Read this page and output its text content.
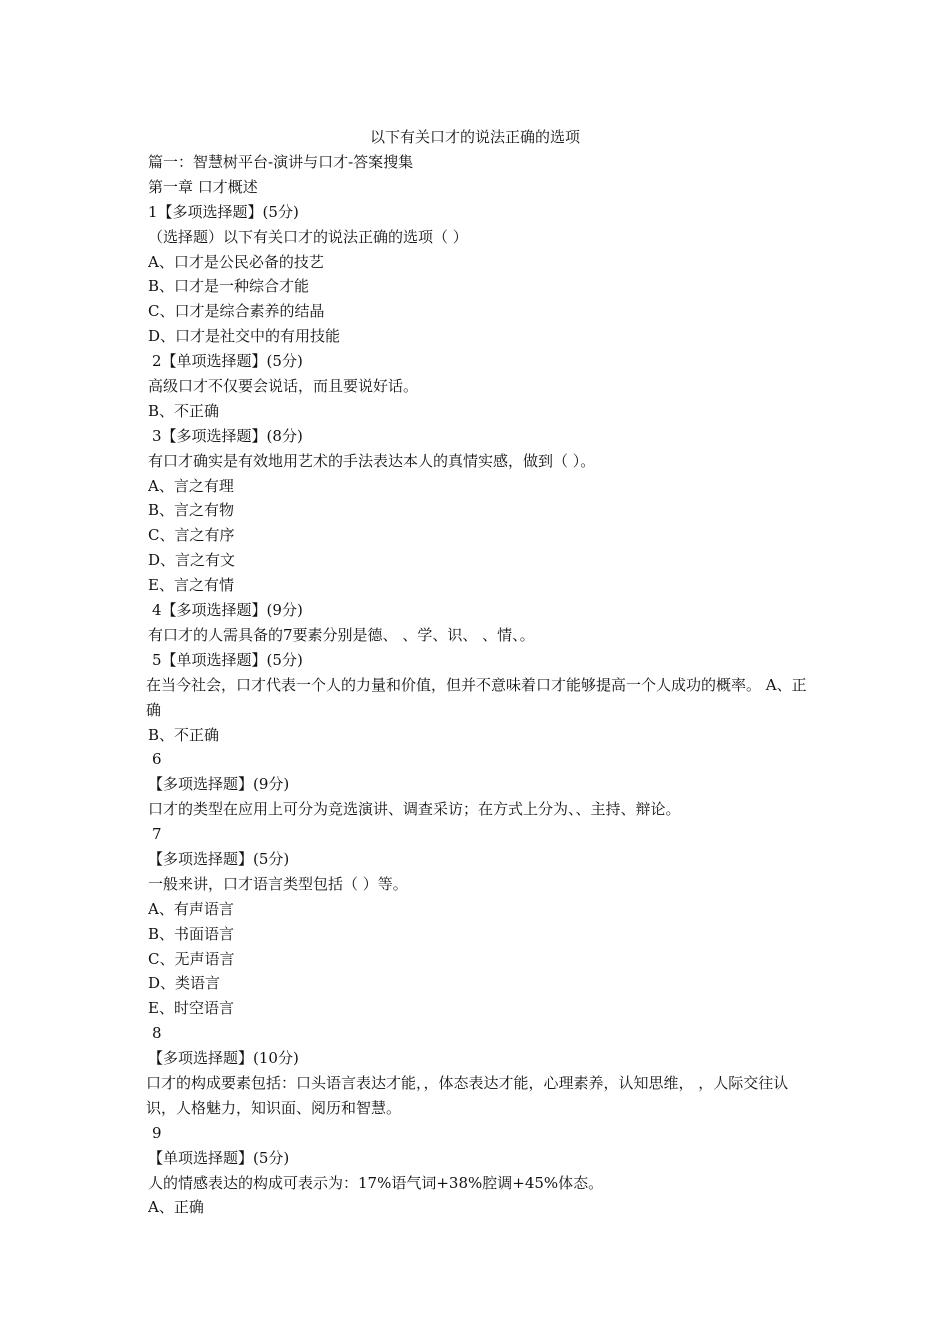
以下有关口才的说法正确的选项
篇一：智慧树平台-演讲与口才-答案搜集
第一章 口才概述
1【多项选择题】(5分)
（选择题）以下有关口才的说法正确的选项（ ）
A、口才是公民必备的技艺
B、口才是一种综合才能
C、口才是综合素养的结晶
D、口才是社交中的有用技能
2【单项选择题】(5分)
高级口才不仅要会说话，而且要说好话。
B、不正确
3【多项选择题】(8分)
有口才确实是有效地用艺术的手法表达本人的真情实感，做到（ ）。
A、言之有理
B、言之有物
C、言之有序
D、言之有文
E、言之有情
4【多项选择题】(9分)
有口才的人需具备的7要素分别是德、 、学、识、 、情、。
5【单项选择题】(5分)
在当今社会，口才代表一个人的力量和价值，但并不意味着口才能够提高一个人成功的概率。 A、正确
B、不正确
6
【多项选择题】(9分)
口才的类型在应用上可分为竞选演讲、调查采访；在方式上分为、、主持、辩论。
7
【多项选择题】(5分)
一般来讲，口才语言类型包括（ ）等。
A、有声语言
B、书面语言
C、无声语言
D、类语言
E、时空语言
8
【多项选择题】(10分)
口才的构成要素包括：口头语言表达才能，，体态表达才能，心理素养，认知思维， ，人际交往认识，人格魅力，知识面、阅历和智慧。
9
【单项选择题】(5分)
人的情感表达的构成可表示为：17%语气词+38%腔调+45%体态。
A、正确
